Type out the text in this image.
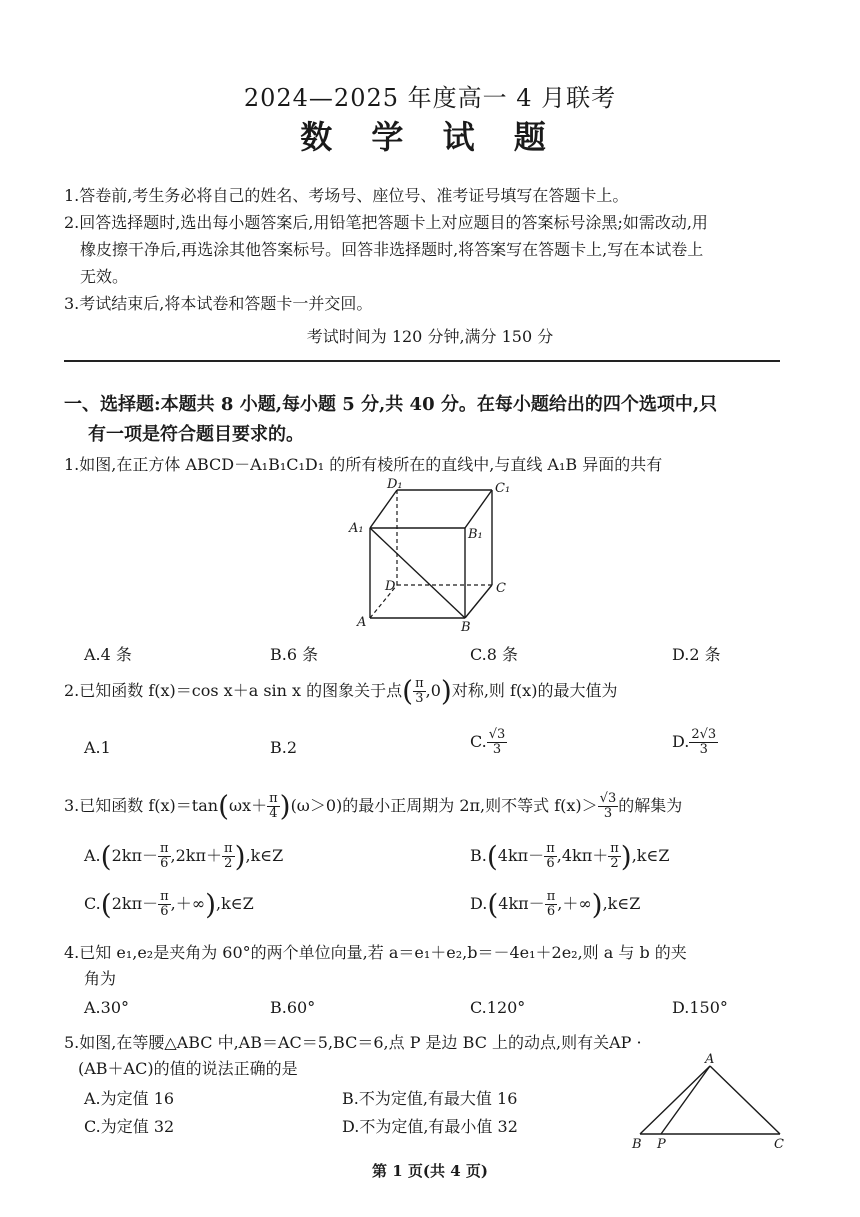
2024—2025 年度高一 4 月联考
数 学 试 题

1.答卷前,考生务必将自己的姓名、考场号、座位号、准考证号填写在答题卡上。

2.回答选择题时,选出每小题答案后,用铅笔把答题卡上对应题目的答案标号涂黑;如需改动,用

橡皮擦干净后,再选涂其他答案标号。回答非选择题时,将答案写在答题卡上,写在本试卷上

无效。

3.考试结束后,将本试卷和答题卡一并交回。

考试时间为 120 分钟,满分 150 分
一、选择题:本题共 8 小题,每小题 5 分,共 40 分。在每小题给出的四个选项中,只
有一项是符合题目要求的。
1.如图,在正方体 ABCD－A₁B₁C₁D₁ 的所有棱所在的直线中,与直线 A₁B 异面的共有
D₁	C₁
A₁	B₁
D	C
A	B
A.4 条	B.6 条	C.8 条	D.2 条
2.已知函数 f(x)＝cos x＋a sin x 的图象关于点( $\frac{\pi}{3} ,0$)对称,则 f(x)的最大值为
A.1	B.2	C. $\frac{√3}{3}$	D. $\frac{2√3}{3}$
3.已知函数 $f(x)=\tan(\omega x+ \frac{\pi}{4} )(\omega>0)$的最小正周期为 2π,则不等式 $f(x)> \frac{√3}{3}$ 的解集为
$A.(2k\pi- \frac{\pi}{6} ,2k\pi+ \frac{\pi}{2}$ ),k∈Z	$B.(4k\pi- \frac{\pi}{6} ,4k\pi+ \frac{\pi}{2}$ ),k∈Z
$C.(2k\pi- \frac{\pi}{6}$ ,＋∞),k∈Z	$D.(4k\pi- \frac{\pi}{6}$ ,＋∞),k∈Z
4.已知 e₁,e₂是夹角为 60°的两个单位向量,若 a＝e₁＋e₂,b＝－4e₁＋2e₂,则 a 与 b 的夹
角为
A.30°	B.60°	C.120°	D.150°
5.如图,在等腰△ABC 中,AB＝AC＝5,BC＝6,点 P 是边 BC 上的动点,则有关AP ·
(AB＋AC)的值的说法正确的是
A.为定值 16	B.不为定值,有最大值 16
C.为定值 32	D.不为定值,有最小值 32
A
B P	C
第 1 页(共 4 页)
